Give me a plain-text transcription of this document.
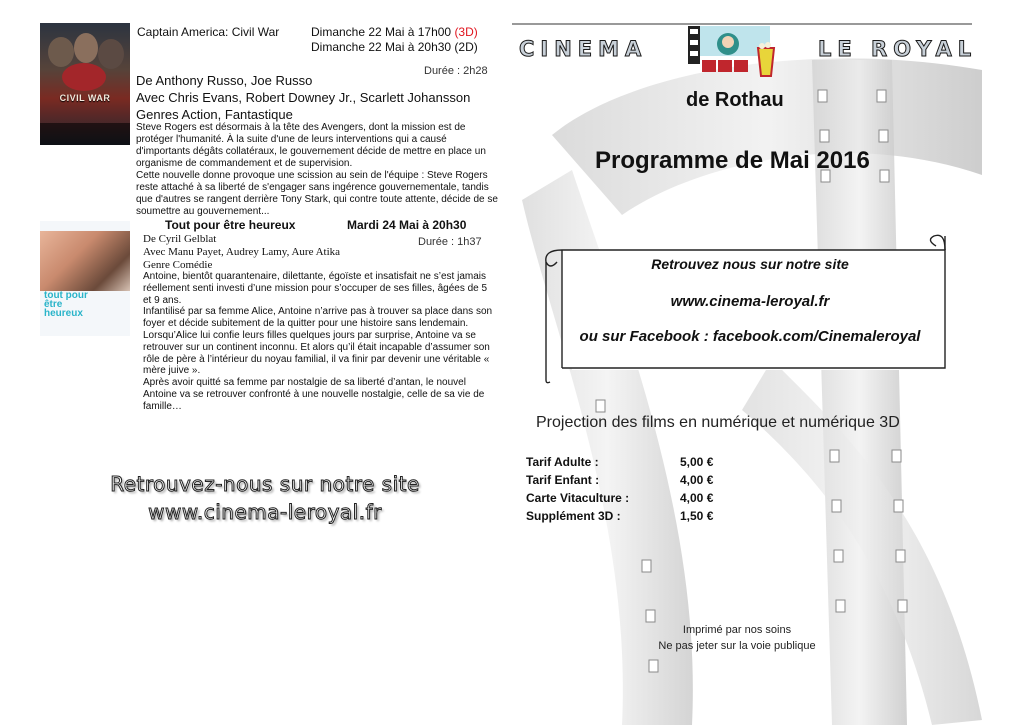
CIVIL WAR
Captain America: Civil War	Dimanche 22 Mai à 17h00 (3D)
Dimanche 22 Mai à 20h30 (2D)
Durée : 2h28
De Anthony Russo, Joe Russo
Avec Chris Evans, Robert Downey Jr., Scarlett Johansson
Genres Action, Fantastique
Steve Rogers est désormais à la tête des Avengers, dont la mission est de protéger l'humanité. À la suite d'une de leurs interventions qui a causé d'importants dégâts collatéraux, le gouvernement décide de mettre en place un organisme de commandement et de supervision.
Cette nouvelle donne provoque une scission au sein de l'équipe : Steve Rogers reste attaché à sa liberté de s'engager sans ingérence gouvernementale, tandis que d'autres se rangent derrière Tony Stark, qui contre toute attente, décide de se soumettre au gouvernement...
tout pour être heureux
Tout pour être heureux	Mardi 24 Mai à 20h30
De Cyril Gelblat
Avec Manu Payet, Audrey Lamy, Aure Atika
Genre Comédie
Durée : 1h37
Antoine, bientôt quarantenaire, dilettante, égoïste et insatisfait ne s’est jamais réellement senti investi d’une mission pour s’occuper de ses filles, âgées de 5 et 9 ans.
Infantilisé par sa femme Alice, Antoine n’arrive pas à trouver sa place dans son foyer et décide subitement de la quitter pour une histoire sans lendemain. Lorsqu’Alice lui confie leurs filles quelques jours par surprise, Antoine va se retrouver sur un continent inconnu. Et alors qu’il était incapable d’assumer son rôle de père à l’intérieur du noyau familial, il va finir par devenir une véritable « mère juive ».
Après avoir quitté sa femme par nostalgie de sa liberté d’antan, le nouvel Antoine va se retrouver confronté à une nouvelle nostalgie, celle de sa vie de famille…
Retrouvez-nous sur notre site
www.cinema-leroyal.fr
CINEMA	LE ROYAL
de Rothau
Programme de Mai 2016
Retrouvez nous sur notre site
www.cinema-leroyal.fr
ou sur Facebook : facebook.com/Cinemaleroyal
Projection des films en numérique et numérique 3D
Tarif Adulte :	5,00 €
Tarif Enfant :	4,00 €
Carte Vitaculture :	4,00 €
Supplément 3D :	1,50 €
Imprimé par nos soins
Ne pas jeter sur la voie publique
